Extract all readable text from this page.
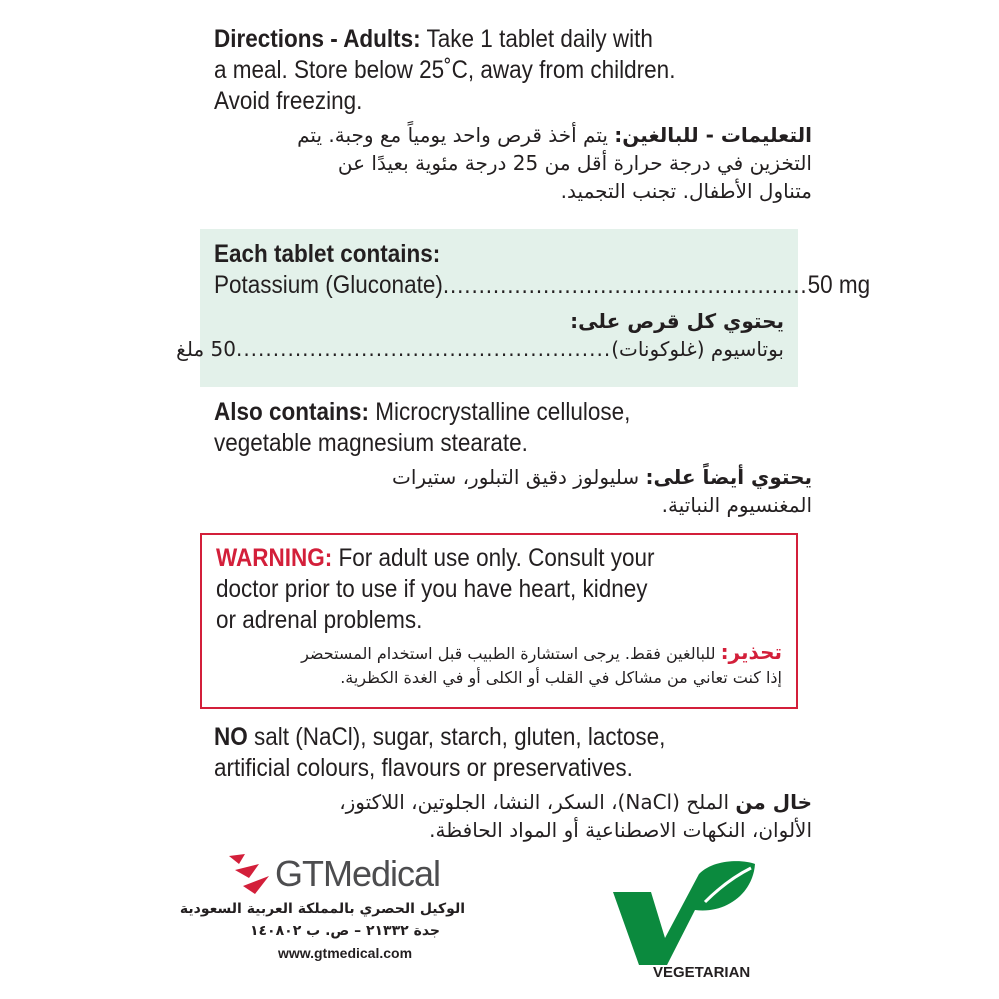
Directions - Adults: Take 1 tablet daily with
a meal. Store below 25˚C, away from children.
Avoid freezing.
التعليمات - للبالغين: يتم أخذ قرص واحد يومياً مع وجبة. يتم
التخزين في درجة حرارة أقل من 25 درجة مئوية بعيدًا عن
متناول الأطفال. تجنب التجميد.
Each tablet contains:
Potassium (Gluconate) ................................................... 50 mg
يحتوي كل قرص على:
بوتاسيوم (غلوكونات)
...................................................
50 ملغ
Also contains: Microcrystalline cellulose,
vegetable magnesium stearate.
يحتوي أيضاً على: سليولوز دقيق التبلور، ستيرات
المغنسيوم النباتية.
WARNING: For adult use only. Consult your
doctor prior to use if you have heart, kidney
or adrenal problems.
تحذير: للبالغين فقط. يرجى استشارة الطبيب قبل استخدام المستحضر
إذا كنت تعاني من مشاكل في القلب أو الكلى أو في الغدة الكظرية.
NO salt (NaCl), sugar, starch, gluten, lactose,
artificial colours, flavours or preservatives.
خال من الملح (NaCl)، السكر، النشا، الجلوتين، اللاكتوز،
الألوان، النكهات الاصطناعية أو المواد الحافظة.
GTMedical
الوكيل الحصري بالمملكة العربية السعودية
جدة ٢١٣٣٢ – ص. ب ١٤٠٨٠٢
www.gtmedical.com
VEGETARIAN
